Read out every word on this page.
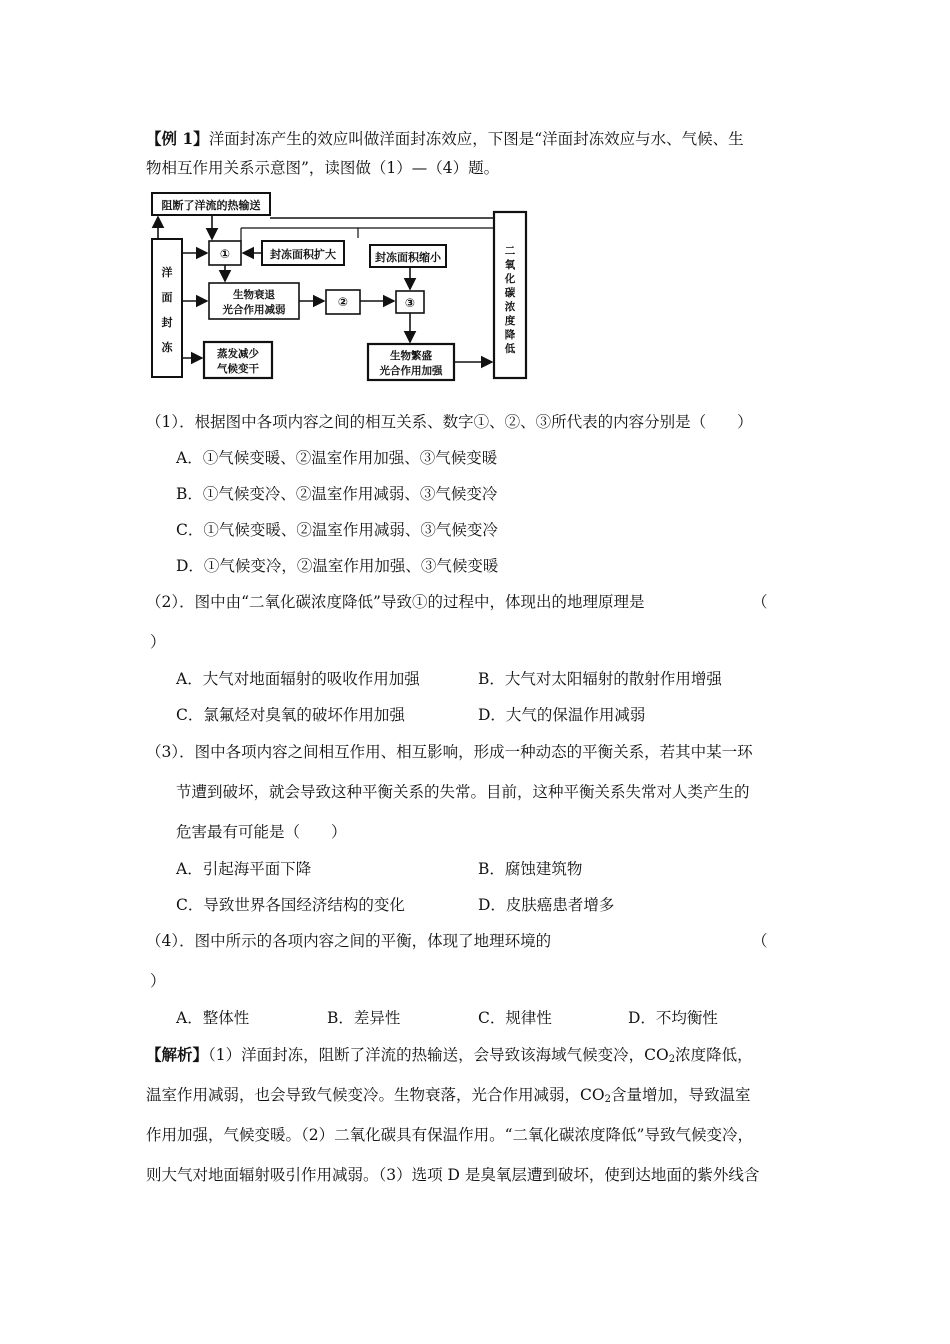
【例 1】洋面封冻产生的效应叫做洋面封冻效应，下图是“洋面封冻效应与水、气候、生
物相互作用关系示意图”，读图做（1）—（4）题。
阻断了洋流的热输送
①	封冻面积扩大
生物衰退
光合作用减弱
②
封冻面积缩小
③
蒸发减少
气候变干
生物繁盛
光合作用加强
洋
面
封
冻
二
氧
化
碳
浓
度
降
低
（1）．根据图中各项内容之间的相互关系、数字①、②、③所代表的内容分别是（　　）
A．①气候变暖、②温室作用加强、③气候变暖
B．①气候变冷、②温室作用减弱、③气候变冷
C．①气候变暖、②温室作用减弱、③气候变冷
D．①气候变冷，②温室作用加强、③气候变暖
（2）．图中由“二氧化碳浓度降低”导致①的过程中，体现出的地理原理是	（
）
A．大气对地面辐射的吸收作用加强	B．大气对太阳辐射的散射作用增强
C．氯氟烃对臭氧的破坏作用加强	D．大气的保温作用减弱
（3）．图中各项内容之间相互作用、相互影响，形成一种动态的平衡关系，若其中某一环
节遭到破坏，就会导致这种平衡关系的失常。目前，这种平衡关系失常对人类产生的
危害最有可能是（　　）
A．引起海平面下降	B．腐蚀建筑物
C．导致世界各国经济结构的变化	D．皮肤癌患者增多
（4）．图中所示的各项内容之间的平衡，体现了地理环境的	（
）
A．整体性	B．差异性	C．规律性	D．不均衡性
【解析】（1）洋面封冻，阻断了洋流的热输送，会导致该海域气候变冷，$CO_2$浓度降低，
温室作用减弱，也会导致气候变冷。生物衰落，光合作用减弱，$CO_2$含量增加，导致温室
作用加强，气候变暖。（2）二氧化碳具有保温作用。“二氧化碳浓度降低”导致气候变冷，
则大气对地面辐射吸引作用减弱。（3）选项 D 是臭氧层遭到破坏，使到达地面的紫外线含
